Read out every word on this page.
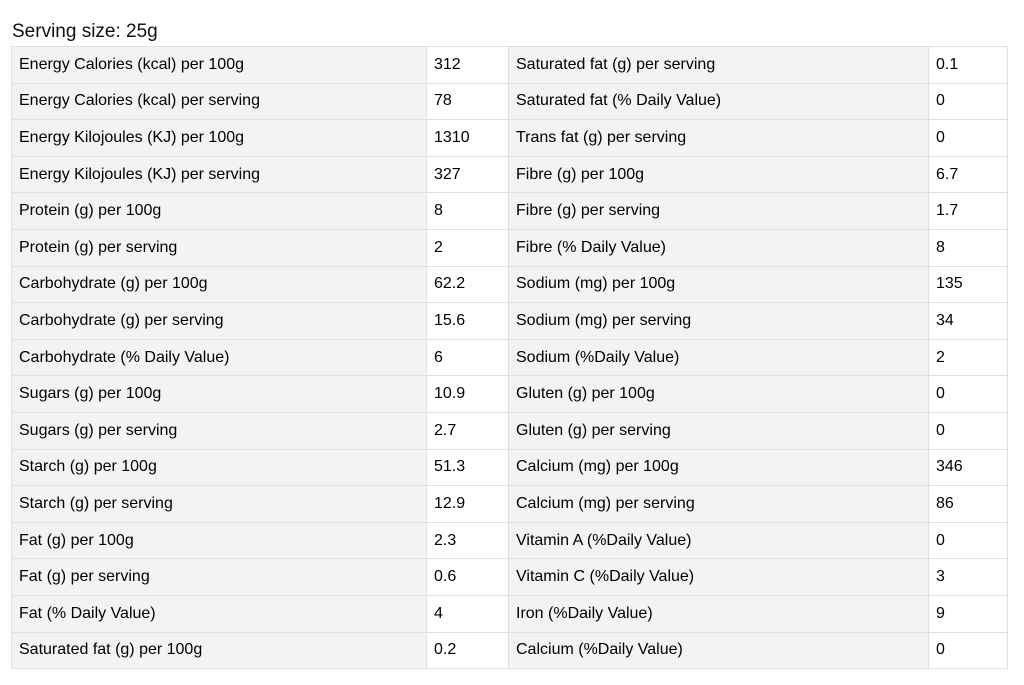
Serving size: 25g
Energy Calories (kcal) per 100g	312	Saturated fat (g) per serving	0.1
Energy Calories (kcal) per serving	78	Saturated fat (% Daily Value)	0
Energy Kilojoules (KJ) per 100g	1310	Trans fat (g) per serving	0
Energy Kilojoules (KJ) per serving	327	Fibre (g) per 100g	6.7
Protein (g) per 100g	8	Fibre (g) per serving	1.7
Protein (g) per serving	2	Fibre (% Daily Value)	8
Carbohydrate (g) per 100g	62.2	Sodium (mg) per 100g	135
Carbohydrate (g) per serving	15.6	Sodium (mg) per serving	34
Carbohydrate (% Daily Value)	6	Sodium (%Daily Value)	2
Sugars (g) per 100g	10.9	Gluten (g) per 100g	0
Sugars (g) per serving	2.7	Gluten (g) per serving	0
Starch (g) per 100g	51.3	Calcium (mg) per 100g	346
Starch (g) per serving	12.9	Calcium (mg) per serving	86
Fat (g) per 100g	2.3	Vitamin A (%Daily Value)	0
Fat (g) per serving	0.6	Vitamin C (%Daily Value)	3
Fat (% Daily Value)	4	Iron (%Daily Value)	9
Saturated fat (g) per 100g	0.2	Calcium (%Daily Value)	0
